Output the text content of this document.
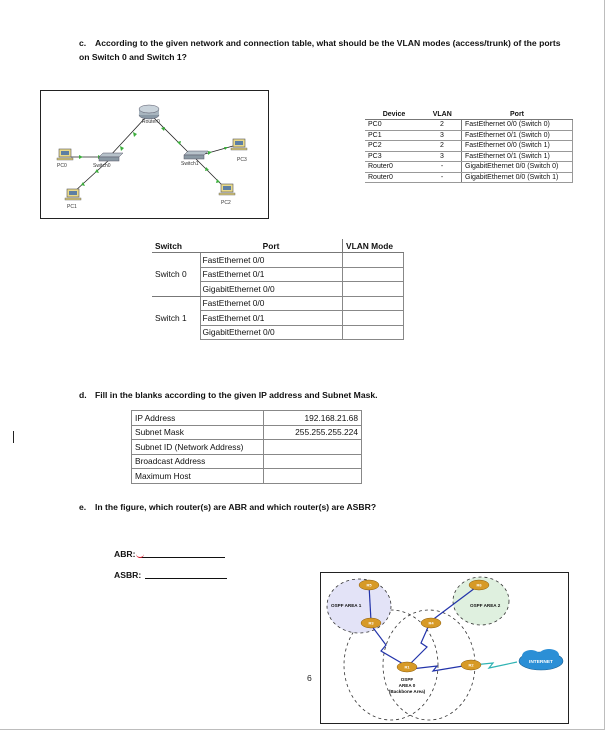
c. According to the given network and connection table, what should be the VLAN modes (access/trunk) of the ports on Switch 0 and Switch 1?
Router0
Switch0	Switch1
PC0
PC1
PC2
PC3
Device	VLAN	Port
PC0	2	FastEthernet 0/0 (Switch 0)
PC1	3	FastEthernet 0/1 (Switch 0)
PC2	2	FastEthernet 0/0 (Switch 1)
PC3	3	FastEthernet 0/1 (Switch 1)
Router0	-	GigabitEthernet 0/0 (Switch 0)
Router0	-	GigabitEthernet 0/0 (Switch 1)
Switch	Port	VLAN Mode
Switch 0	FastEthernet 0/0	
	FastEthernet 0/1	
	GigabitEthernet 0/0	
Switch 1	FastEthernet 0/0	
	FastEthernet 0/1	
	GigabitEthernet 0/0	
d. Fill in the blanks according to the given IP address and Subnet Mask.
IP Address	192.168.21.68
Subnet Mask	255.255.255.224
Subnet ID (Network Address)	
Broadcast Address	
Maximum Host	
e. In the figure, which router(s) are ABR and which router(s) are ASBR?
ABR:
ASBR:
6
R5
R3
R6
R4
R1	R2
OSPF AREA 1	OSPF AREA 2
OSPF
AREA 0
(Backbone Area)
INTERNET
